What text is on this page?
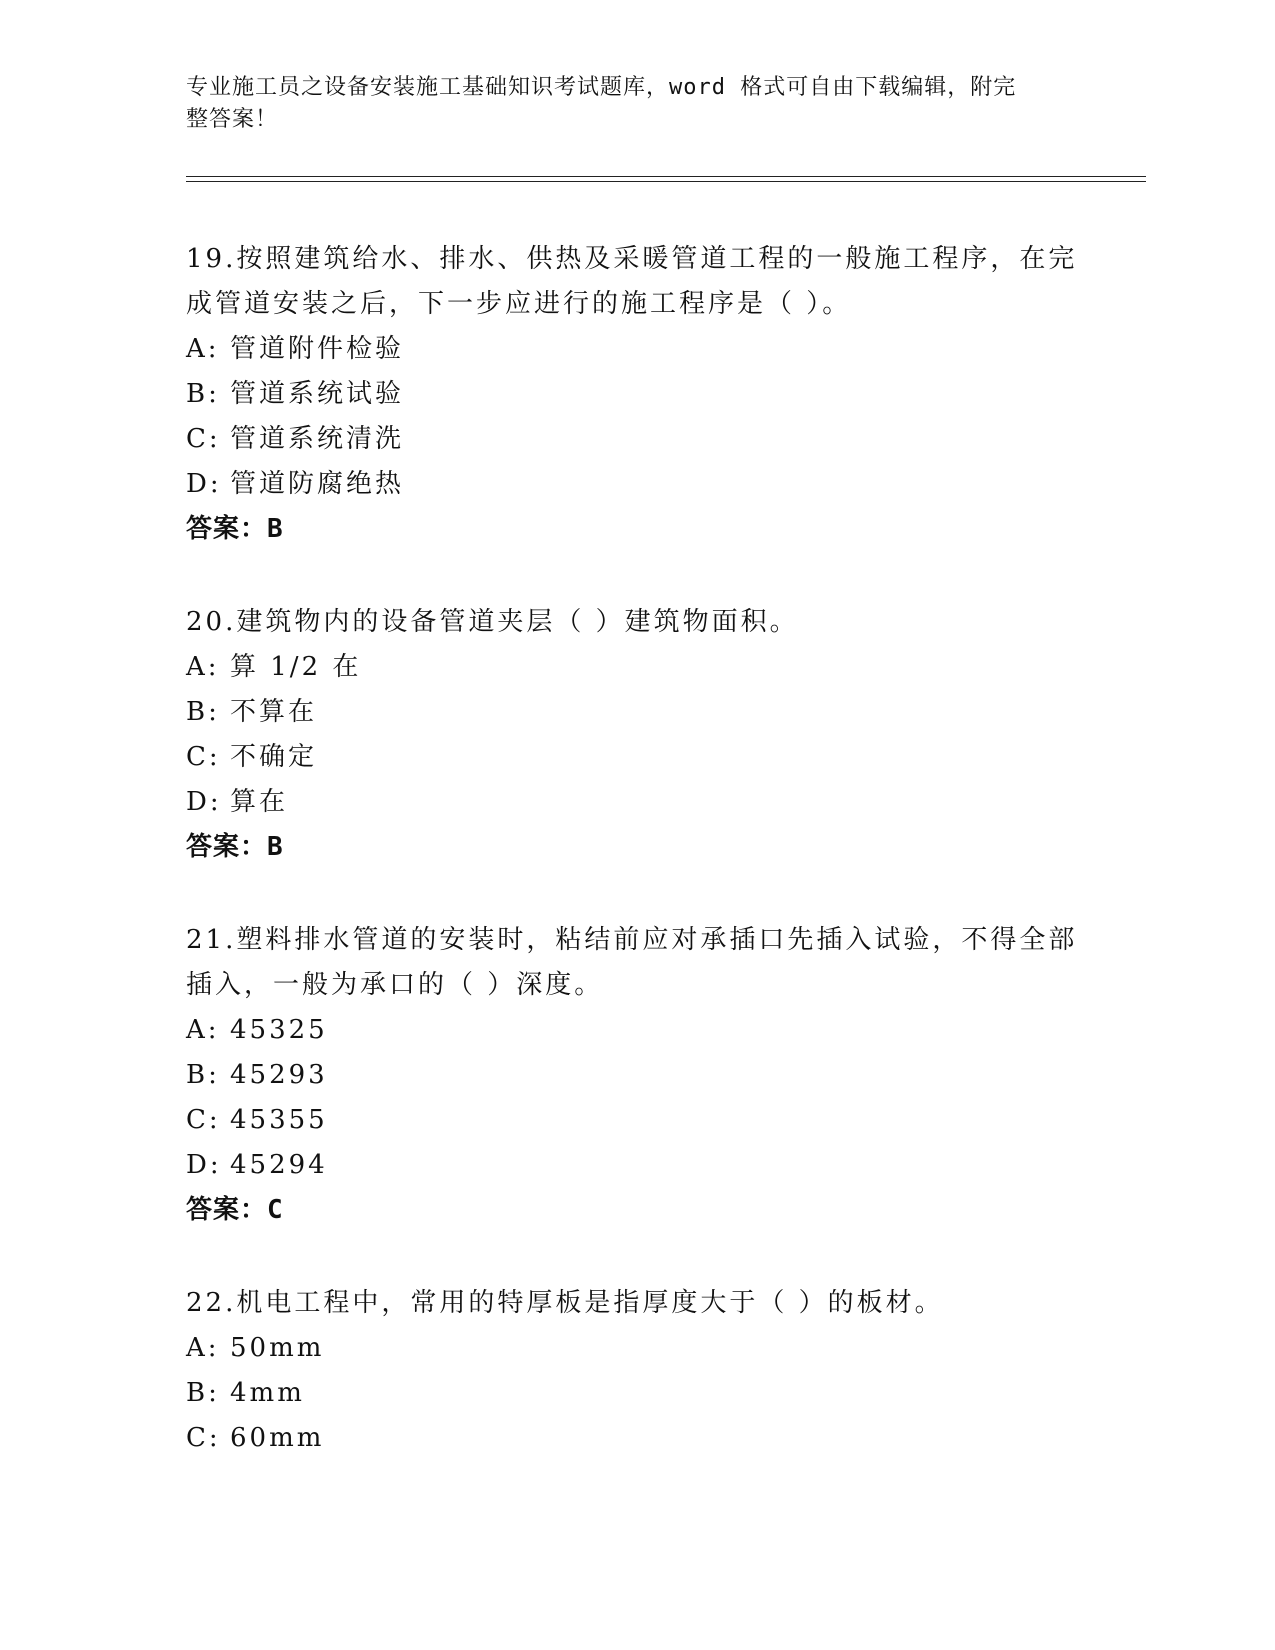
专业施工员之设备安装施工基础知识考试题库，word 格式可自由下载编辑，附完
整答案！
19.按照建筑给水、排水、供热及采暖管道工程的一般施工程序，在完
成管道安装之后，下一步应进行的施工程序是（ ）。
A: 管道附件检验
B: 管道系统试验
C: 管道系统清洗
D: 管道防腐绝热
答案：B
20.建筑物内的设备管道夹层（ ）建筑物面积。
A: 算 1/2 在
B: 不算在
C: 不确定
D: 算在
答案：B
21.塑料排水管道的安装时，粘结前应对承插口先插入试验，不得全部
插入，一般为承口的（ ）深度。
A: 45325
B: 45293
C: 45355
D: 45294
答案：C
22.机电工程中，常用的特厚板是指厚度大于（ ）的板材。
A: 50mm
B: 4mm
C: 60mm
